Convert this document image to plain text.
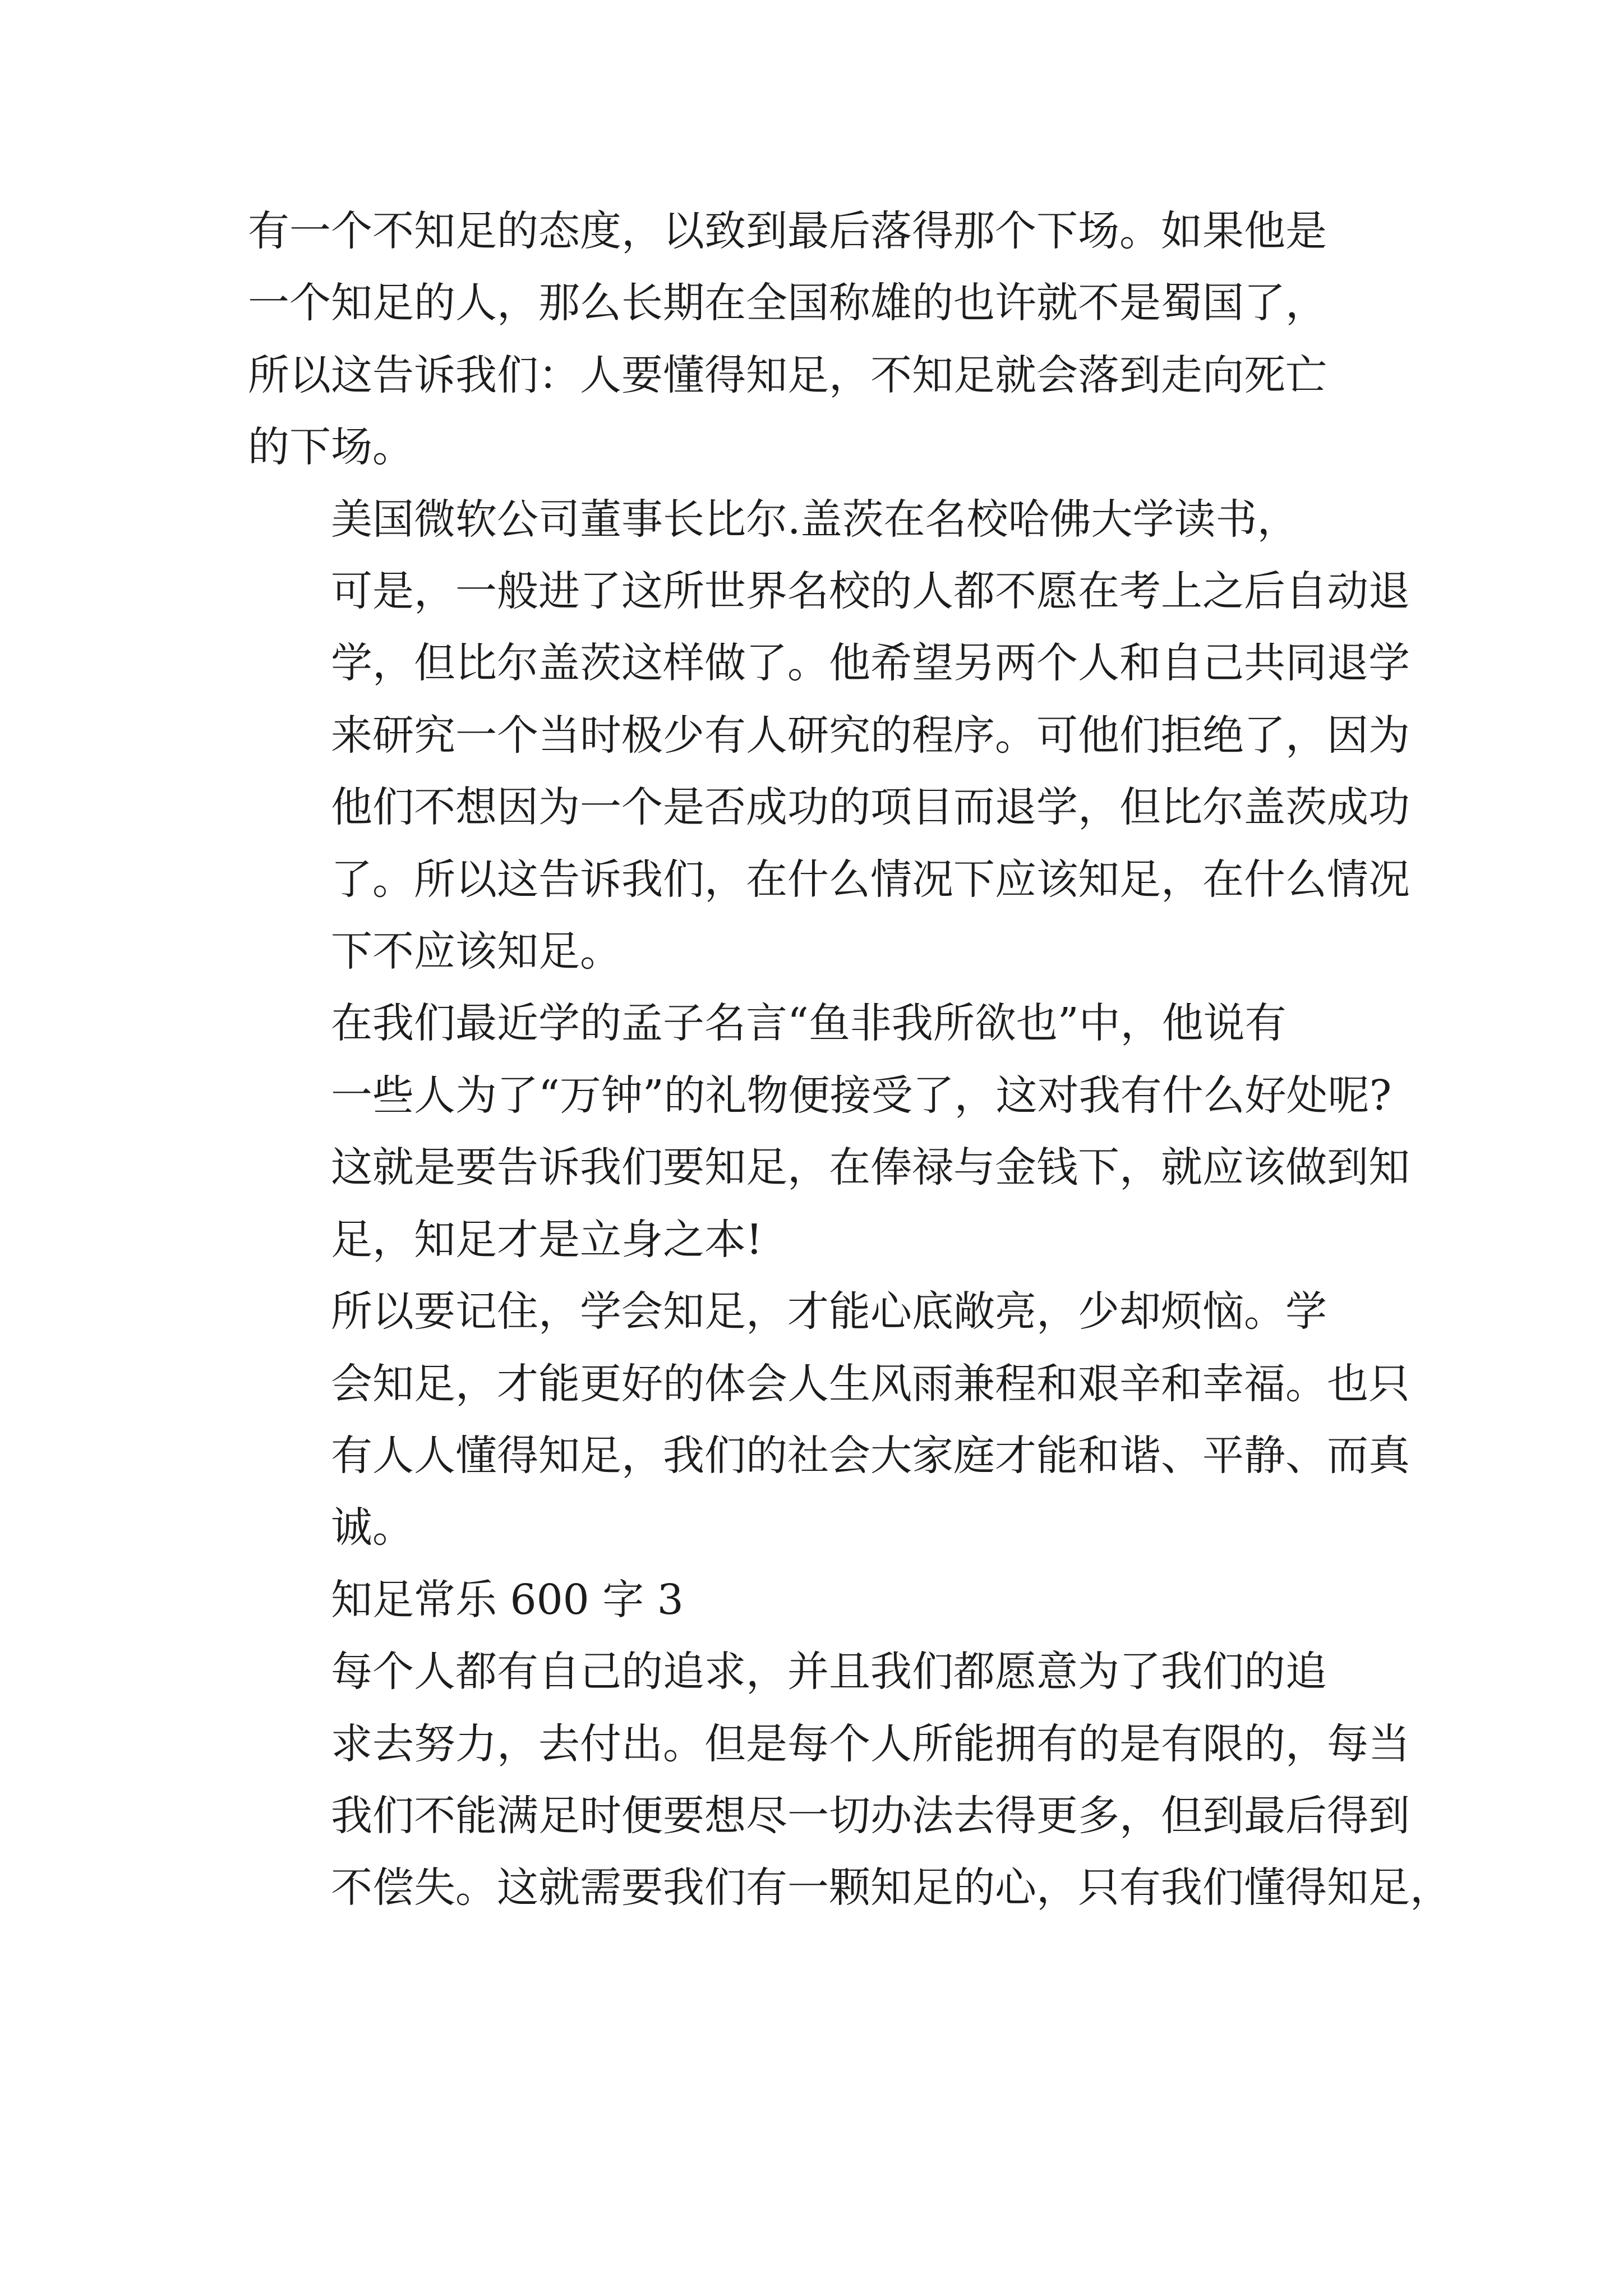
有一个不知足的态度，以致到最后落得那个下场。如果他是
一个知足的人，那么长期在全国称雄的也许就不是蜀国了，
所以这告诉我们：人要懂得知足，不知足就会落到走向死亡
的下场。

美国微软公司董事长比尔.盖茨在名校哈佛大学读书，
可是，一般进了这所世界名校的人都不愿在考上之后自动退
学，但比尔盖茨这样做了。他希望另两个人和自己共同退学
来研究一个当时极少有人研究的程序。可他们拒绝了，因为
他们不想因为一个是否成功的项目而退学，但比尔盖茨成功
了。所以这告诉我们，在什么情况下应该知足，在什么情况
下不应该知足。

在我们最近学的孟子名言“鱼非我所欲也”中，他说有
一些人为了“万钟”的礼物便接受了，这对我有什么好处呢?
这就是要告诉我们要知足，在俸禄与金钱下，就应该做到知
足，知足才是立身之本!

所以要记住，学会知足，才能心底敞亮，少却烦恼。学
会知足，才能更好的体会人生风雨兼程和艰辛和幸福。也只
有人人懂得知足，我们的社会大家庭才能和谐、平静、而真
诚。

知足常乐 600 字 3

每个人都有自己的追求，并且我们都愿意为了我们的追
求去努力，去付出。但是每个人所能拥有的是有限的，每当
我们不能满足时便要想尽一切办法去得更多，但到最后得到
不偿失。这就需要我们有一颗知足的心，只有我们懂得知足，
